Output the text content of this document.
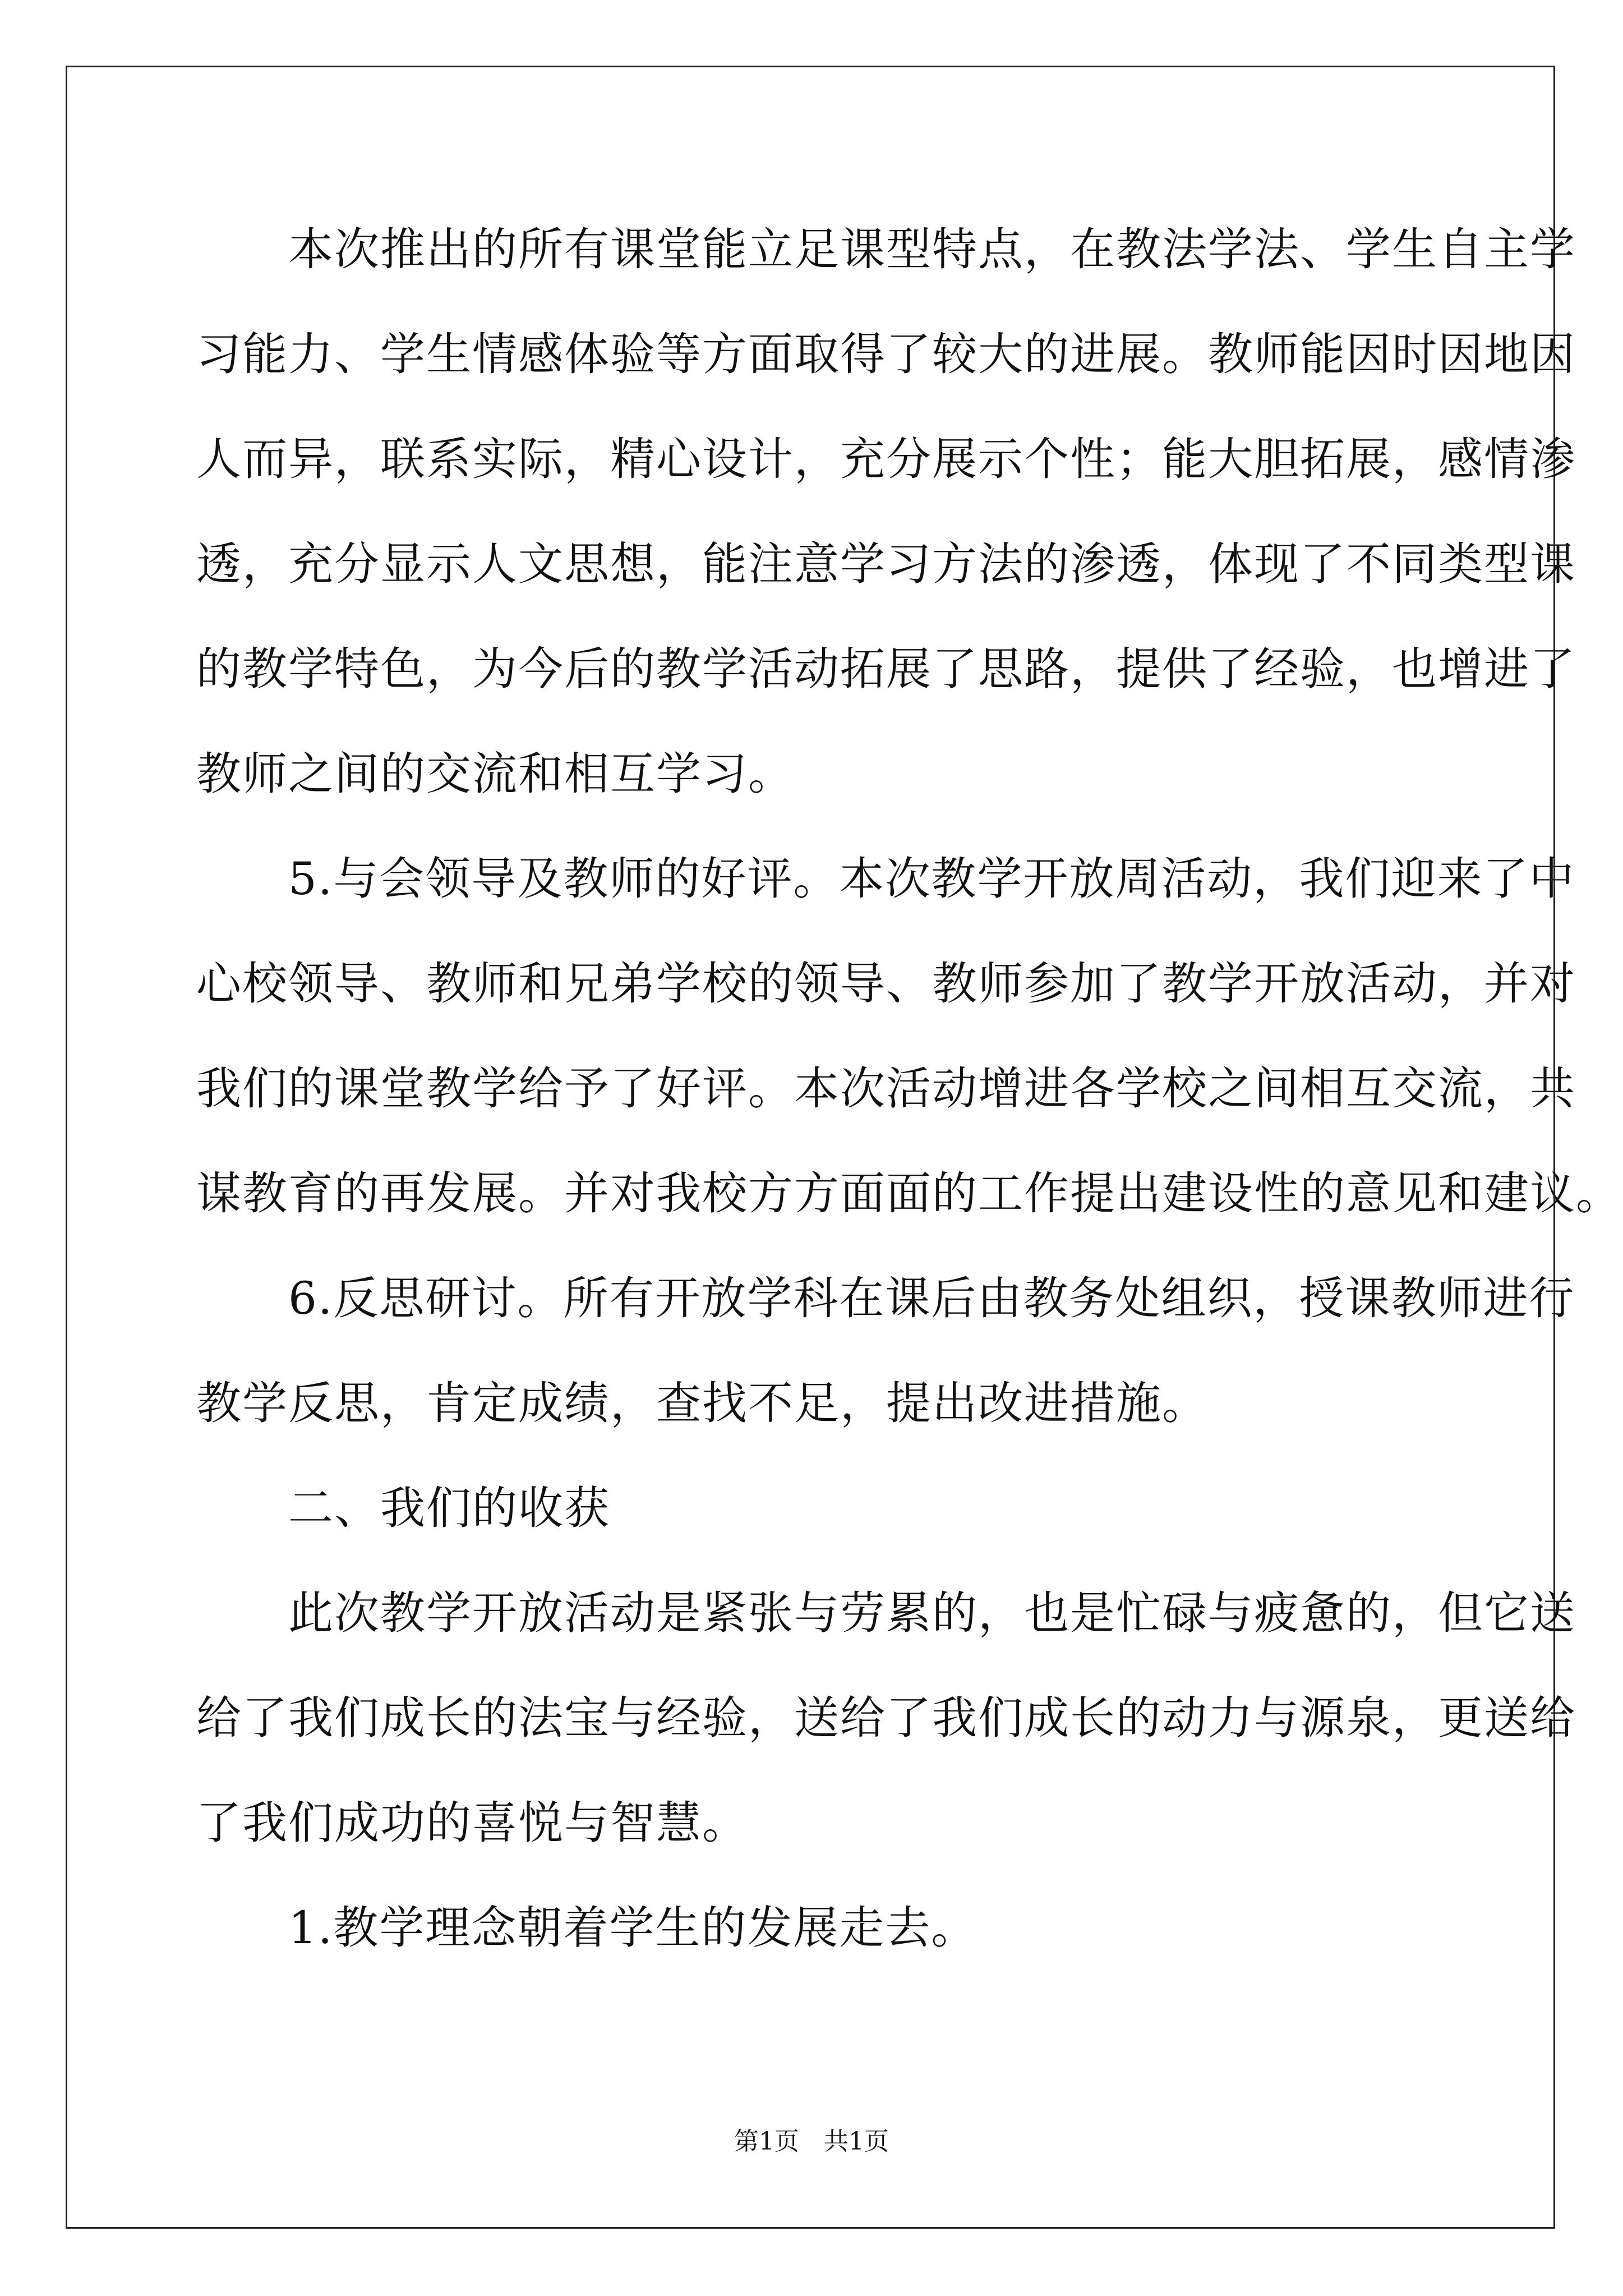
　　本次推出的所有课堂能立足课型特点，在教法学法、学生自主学
习能力、学生情感体验等方面取得了较大的进展。教师能因时因地因
人而异，联系实际，精心设计，充分展示个性；能大胆拓展，感情渗
透，充分显示人文思想，能注意学习方法的渗透，体现了不同类型课
的教学特色，为今后的教学活动拓展了思路，提供了经验，也增进了
教师之间的交流和相互学习。
　　5.与会领导及教师的好评。本次教学开放周活动，我们迎来了中
心校领导、教师和兄弟学校的领导、教师参加了教学开放活动，并对
我们的课堂教学给予了好评。本次活动增进各学校之间相互交流，共
谋教育的再发展。并对我校方方面面的工作提出建设性的意见和建议。
　　6.反思研讨。所有开放学科在课后由教务处组织，授课教师进行
教学反思，肯定成绩，查找不足，提出改进措施。
　　二、我们的收获
　　此次教学开放活动是紧张与劳累的，也是忙碌与疲惫的，但它送
给了我们成长的法宝与经验，送给了我们成长的动力与源泉，更送给
了我们成功的喜悦与智慧。
　　1.教学理念朝着学生的发展走去。
第1页　共1页
